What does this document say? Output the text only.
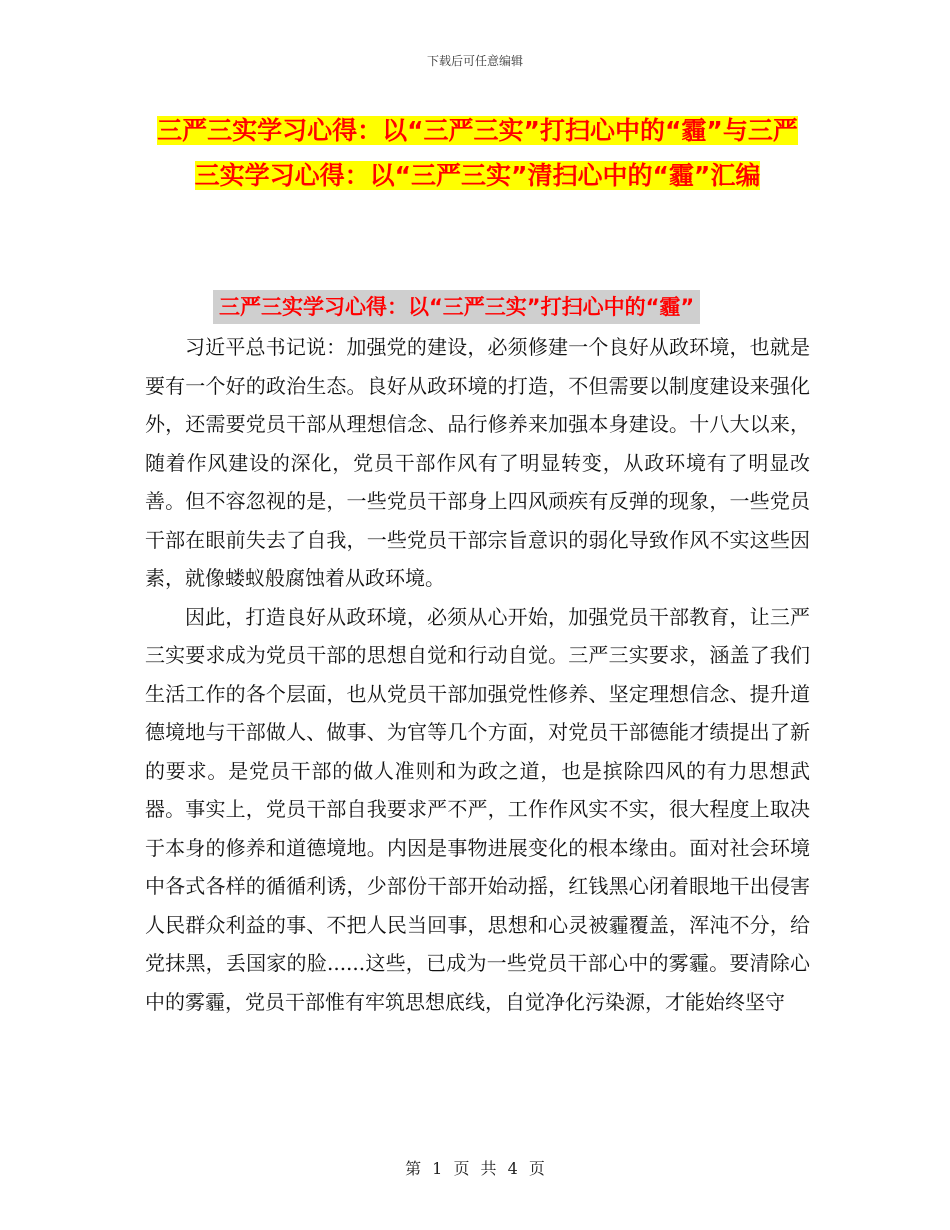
下载后可任意编辑
三严三实学习心得：以“三严三实”打扫心中的“霾”与三严三实学习心得：以“三严三实”清扫心中的“霾”汇编
三严三实学习心得：以“三严三实”打扫心中的“霾”

习近平总书记说：加强党的建设，必须修建一个良好从政环境，也就是要有一个好的政治生态。良好从政环境的打造，不但需要以制度建设来强化外，还需要党员干部从理想信念、品行修养来加强本身建设。十八大以来，随着作风建设的深化，党员干部作风有了明显转变，从政环境有了明显改善。但不容忽视的是，一些党员干部身上四风顽疾有反弹的现象，一些党员干部在眼前失去了自我，一些党员干部宗旨意识的弱化导致作风不实这些因素，就像蝼蚁般腐蚀着从政环境。

因此，打造良好从政环境，必须从心开始，加强党员干部教育，让三严三实要求成为党员干部的思想自觉和行动自觉。三严三实要求，涵盖了我们生活工作的各个层面，也从党员干部加强党性修养、坚定理想信念、提升道德境地与干部做人、做事、为官等几个方面，对党员干部德能才绩提出了新的要求。是党员干部的做人准则和为政之道，也是摈除四风的有力思想武器。事实上，党员干部自我要求严不严，工作作风实不实，很大程度上取决于本身的修养和道德境地。内因是事物进展变化的根本缘由。面对社会环境中各式各样的循循利诱，少部份干部开始动摇，红钱黑心闭着眼地干出侵害人民群众利益的事、不把人民当回事，思想和心灵被霾覆盖，浑沌不分，给党抹黑，丢国家的脸......这些，已成为一些党员干部心中的雾霾。要清除心中的雾霾，党员干部惟有牢筑思想底线，自觉净化污染源，才能始终坚守

第 1 页 共 4 页
